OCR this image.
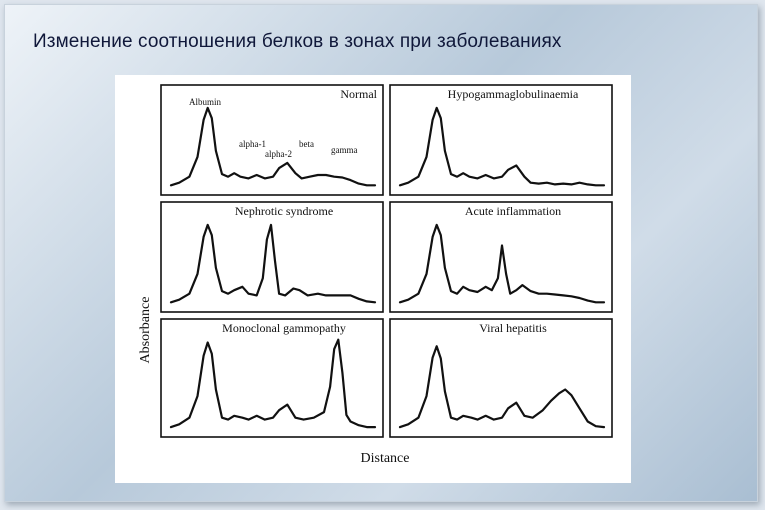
Изменение соотношения белков в зонах при заболеваниях
Distance
Absorbance
Normal
Albumin
alpha-1
alpha-2
beta
gamma
Hypogammaglobulinaemia
Nephrotic syndrome	Acute inflammation
Monoclonal gammopathy	Viral hepatitis
